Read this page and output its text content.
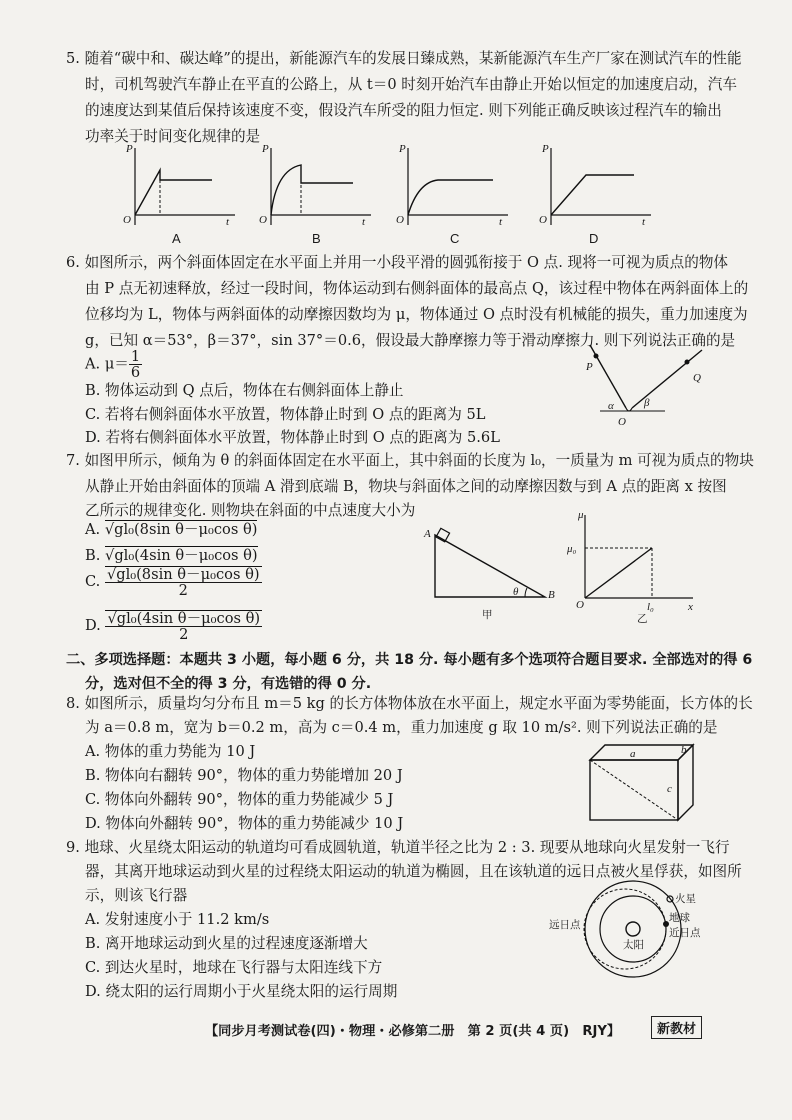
5. 随着“碳中和、碳达峰”的提出，新能源汽车的发展日臻成熟，某新能源汽车生产厂家在测试汽车的性能
时，司机驾驶汽车静止在平直的公路上，从 t＝0 时刻开始汽车由静止开始以恒定的加速度启动，汽车
的速度达到某值后保持该速度不变，假设汽车所受的阻力恒定. 则下列能正确反映该过程汽车的输出
功率关于时间变化规律的是
P
t
O
A
P
t
O
B
P
t
O
C
P
t
O
D
6. 如图所示，两个斜面体固定在水平面上并用一小段平滑的圆弧衔接于 O 点. 现将一可视为质点的物体
由 P 点无初速释放，经过一段时间，物体运动到右侧斜面体的最高点 Q，该过程中物体在两斜面体上的
位移均为 L，物体与两斜面体的动摩擦因数均为 μ，物体通过 O 点时没有机械能的损失，重力加速度为
g，已知 α＝53°，β＝37°，sin 37°＝0.6，假设最大静摩擦力等于滑动摩擦力. 则下列说法正确的是
A. $\mu= \frac{1}{6}$
B. 物体运动到 Q 点后，物体在右侧斜面体上静止
C. 若将右侧斜面体水平放置，物体静止时到 O 点的距离为 5L
D. 若将右侧斜面体水平放置，物体静止时到 O 点的距离为 5.6L
P
Q
O
α	β
7. 如图甲所示，倾角为 θ 的斜面体固定在水平面上，其中斜面的长度为 l₀，一质量为 m 可视为质点的物块
从静止开始由斜面体的顶端 A 滑到底端 B，物块与斜面体之间的动摩擦因数与到 A 点的距离 x 按图
乙所示的规律变化. 则物块在斜面的中点速度大小为
A. √gl₀(8sin θ－μ₀cos θ)
B. √gl₀(4sin θ－μ₀cos θ)
C. $\frac{\text{√gl₀(8sin θ－μ₀cos θ)}}{2}$
D. $\frac{\text{√gl₀(4sin θ－μ₀cos θ)}}{2}$
A
B
θ
甲
μ
μ₀
l₀	x
O
乙
二、多项选择题：本题共 3 小题，每小题 6 分，共 18 分. 每小题有多个选项符合题目要求. 全部选对的得 6
分，选对但不全的得 3 分，有选错的得 0 分.
8. 如图所示，质量均匀分布且 m＝5 kg 的长方体物体放在水平面上，规定水平面为零势能面，长方体的长
为 a＝0.8 m，宽为 b＝0.2 m，高为 c＝0.4 m，重力加速度 g 取 10 m/s². 则下列说法正确的是
A. 物体的重力势能为 10 J
B. 物体向右翻转 90°，物体的重力势能增加 20 J
C. 物体向外翻转 90°，物体的重力势能减少 5 J
D. 物体向外翻转 90°，物体的重力势能减少 10 J
a	b
c
9. 地球、火星绕太阳运动的轨道均可看成圆轨道，轨道半径之比为 2 : 3. 现要从地球向火星发射一飞行
器，其离开地球运动到火星的过程绕太阳运动的轨道为椭圆，且在该轨道的远日点被火星俘获，如图所
示，则该飞行器
A. 发射速度小于 11.2 km/s
B. 离开地球运动到火星的过程速度逐渐增大
C. 到达火星时，地球在飞行器与太阳连线下方
D. 绕太阳的运行周期小于火星绕太阳的运行周期
火星
地球
近日点
远日点
太阳
【同步月考测试卷(四)・物理・必修第二册　第 2 页(共 4 页)　RJY】	新教材
